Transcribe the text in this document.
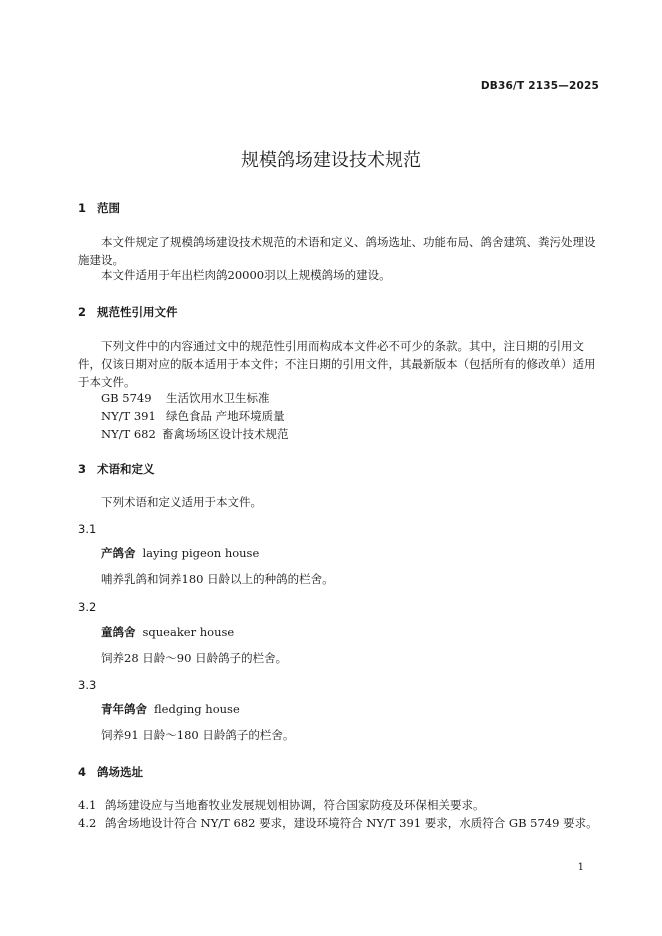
DB36/T 2135—2025

规模鸽场建设技术规范
1 范围

本文件规定了规模鸽场建设技术规范的术语和定义、鸽场选址、功能布局、鸽舍建筑、粪污处理设施建设。

本文件适用于年出栏肉鸽20000羽以上规模鸽场的建设。

2 规范性引用文件

下列文件中的内容通过文中的规范性引用而构成本文件必不可少的条款。其中，注日期的引用文件，仅该日期对应的版本适用于本文件；不注日期的引用文件，其最新版本（包括所有的修改单）适用于本文件。

GB 5749 生活饮用水卫生标准
NY/T 391 绿色食品 产地环境质量
NY/T 682 畜禽场场区设计技术规范
3 术语和定义

下列术语和定义适用于本文件。

3.1

产鸽舍 laying pigeon house

哺养乳鸽和饲养180 日龄以上的种鸽的栏舍。

3.2

童鸽舍 squeaker house

饲养28 日龄～90 日龄鸽子的栏舍。

3.3

青年鸽舍 fledging house

饲养91 日龄～180 日龄鸽子的栏舍。

4 鸽场选址
4.1 鸽场建设应与当地畜牧业发展规划相协调，符合国家防疫及环保相关要求。
4.2 鸽舍场地设计符合 NY/T 682 要求，建设环境符合 NY/T 391 要求，水质符合 GB 5749 要求。

1
